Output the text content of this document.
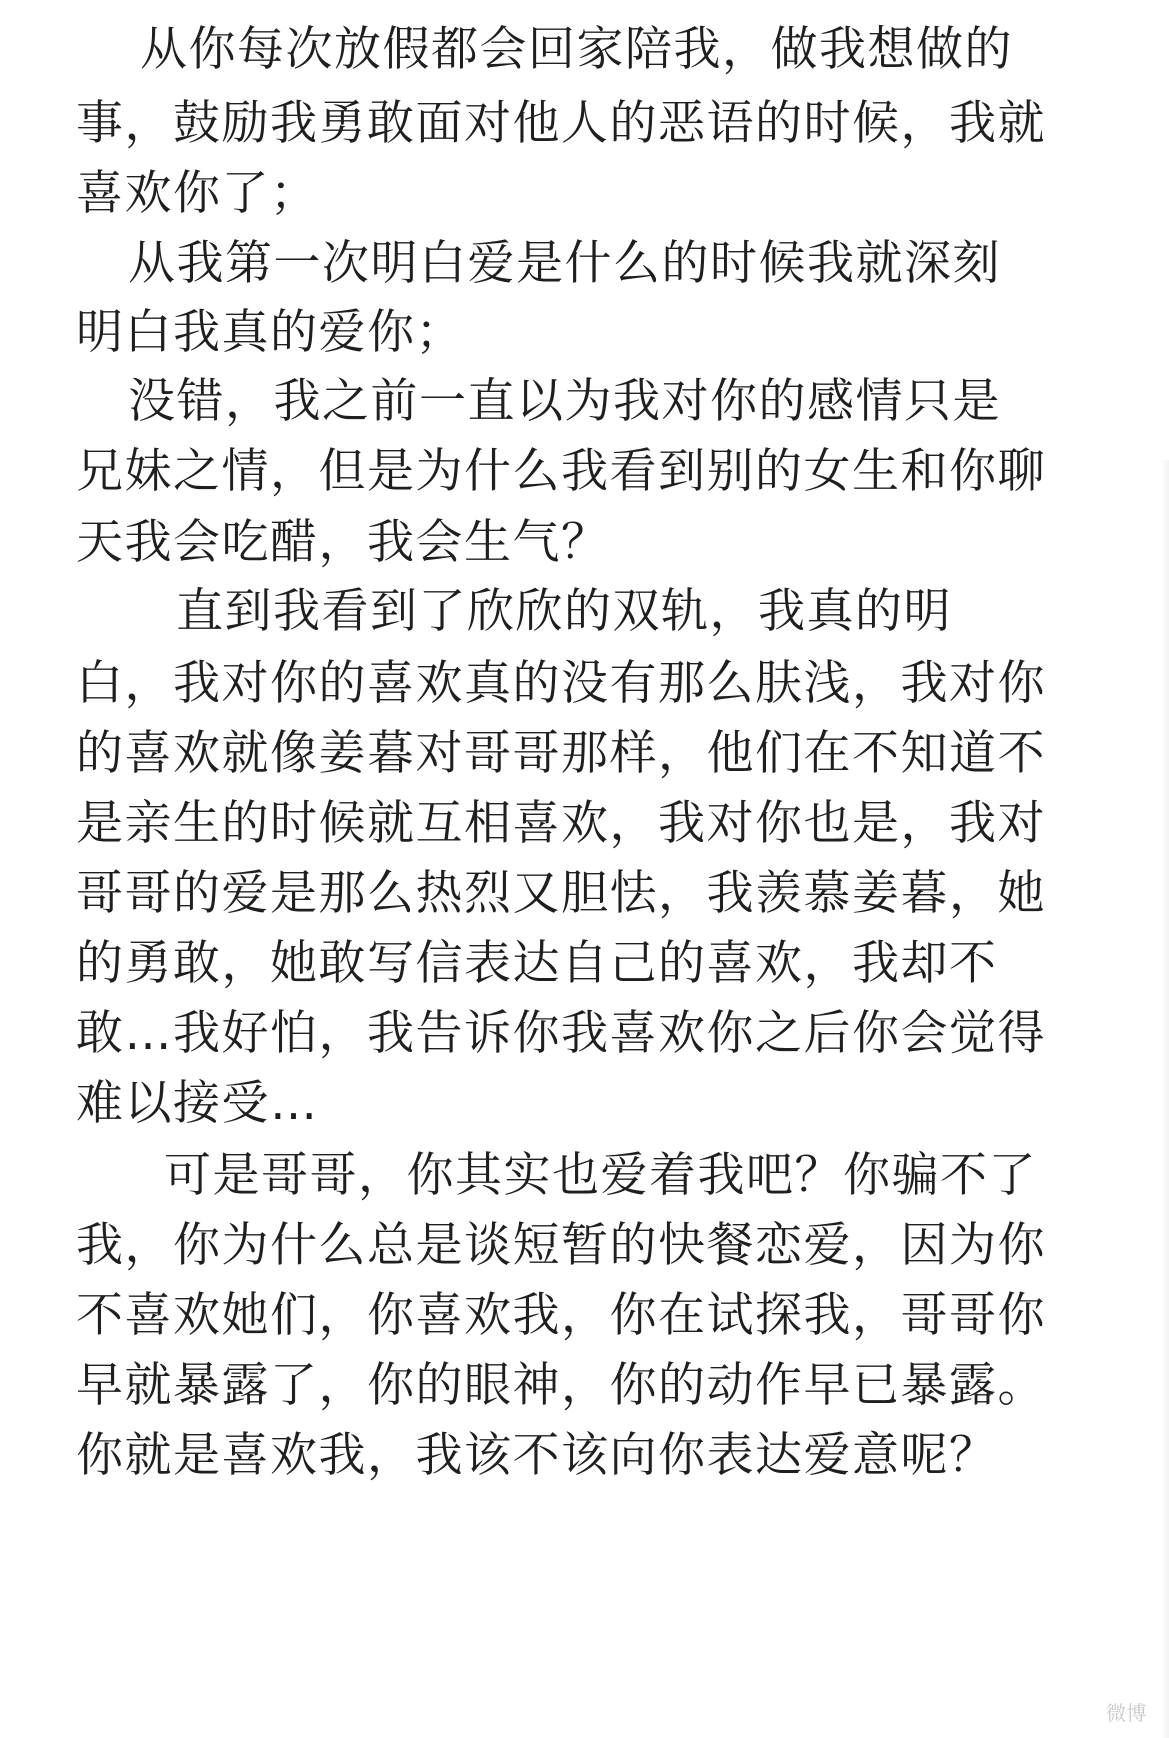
从你每次放假都会回家陪我，做我想做的
事，鼓励我勇敢面对他人的恶语的时候，我就
喜欢你了；
从我第一次明白爱是什么的时候我就深刻
明白我真的爱你；
没错，我之前一直以为我对你的感情只是
兄妹之情，但是为什么我看到别的女生和你聊
天我会吃醋，我会生气？
直到我看到了欣欣的双轨，我真的明
白，我对你的喜欢真的没有那么肤浅，我对你
的喜欢就像姜暮对哥哥那样，他们在不知道不
是亲生的时候就互相喜欢，我对你也是，我对
哥哥的爱是那么热烈又胆怯，我羡慕姜暮，她
的勇敢，她敢写信表达自己的喜欢，我却不
敢…我好怕，我告诉你我喜欢你之后你会觉得
难以接受…
可是哥哥，你其实也爱着我吧？你骗不了
我，你为什么总是谈短暂的快餐恋爱，因为你
不喜欢她们，你喜欢我，你在试探我，哥哥你
早就暴露了，你的眼神，你的动作早已暴露。
你就是喜欢我，我该不该向你表达爱意呢？
微博
